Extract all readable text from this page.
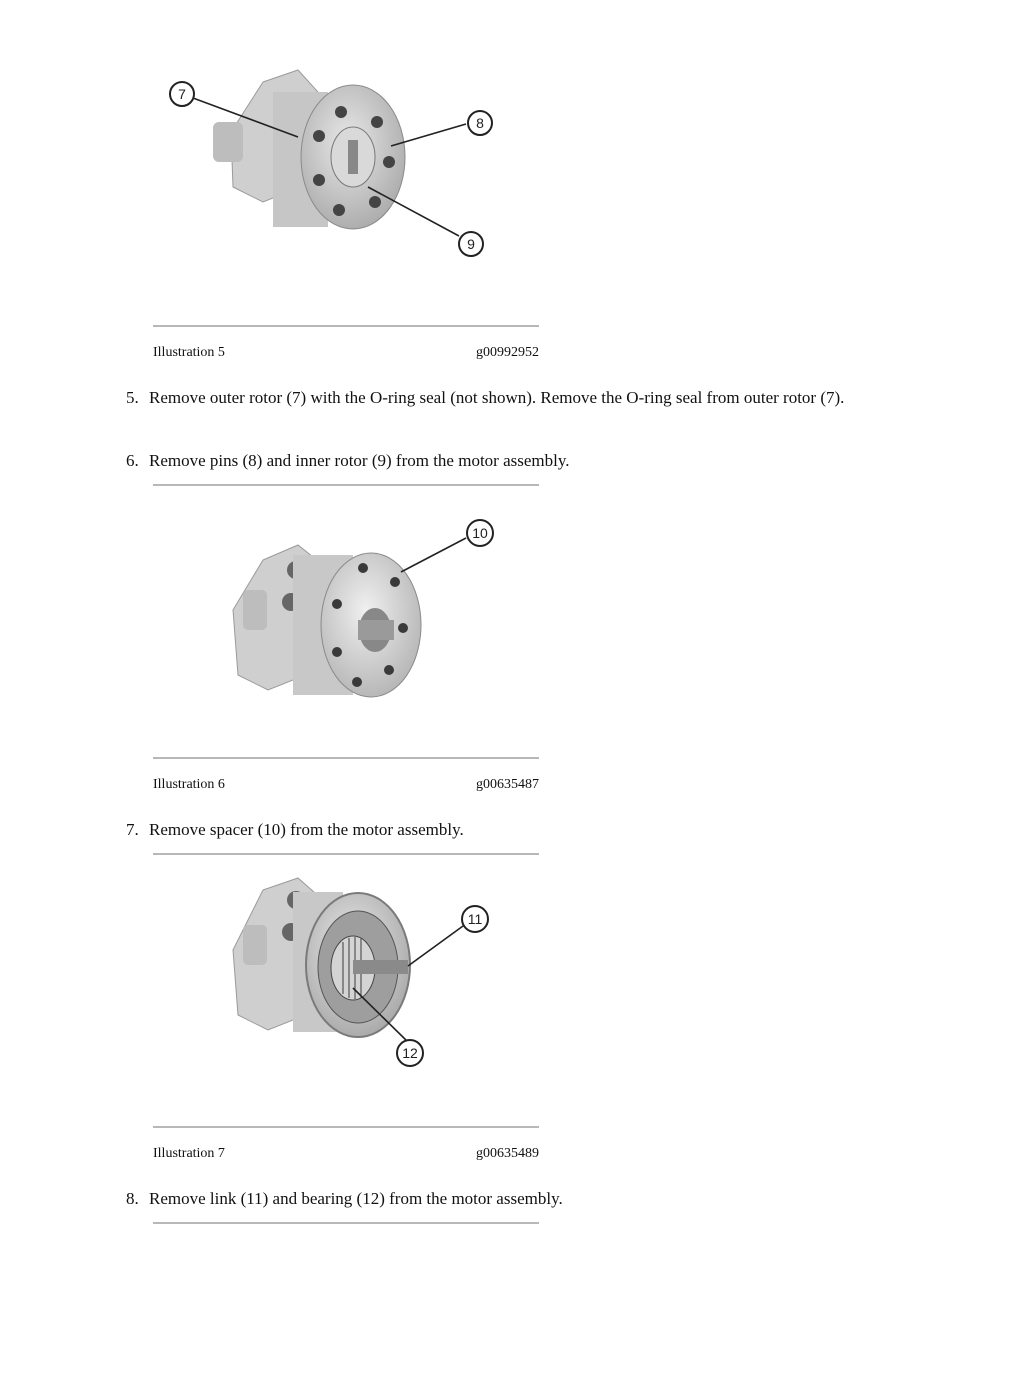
7
8
9
Illustration 5	g00992952
5. Remove outer rotor (7) with the O-ring seal (not shown). Remove the O-ring seal from outer rotor (7).
6. Remove pins (8) and inner rotor (9) from the motor assembly.
10
Illustration 6	g00635487
7. Remove spacer (10) from the motor assembly.
11
12
Illustration 7	g00635489
8. Remove link (11) and bearing (12) from the motor assembly.
